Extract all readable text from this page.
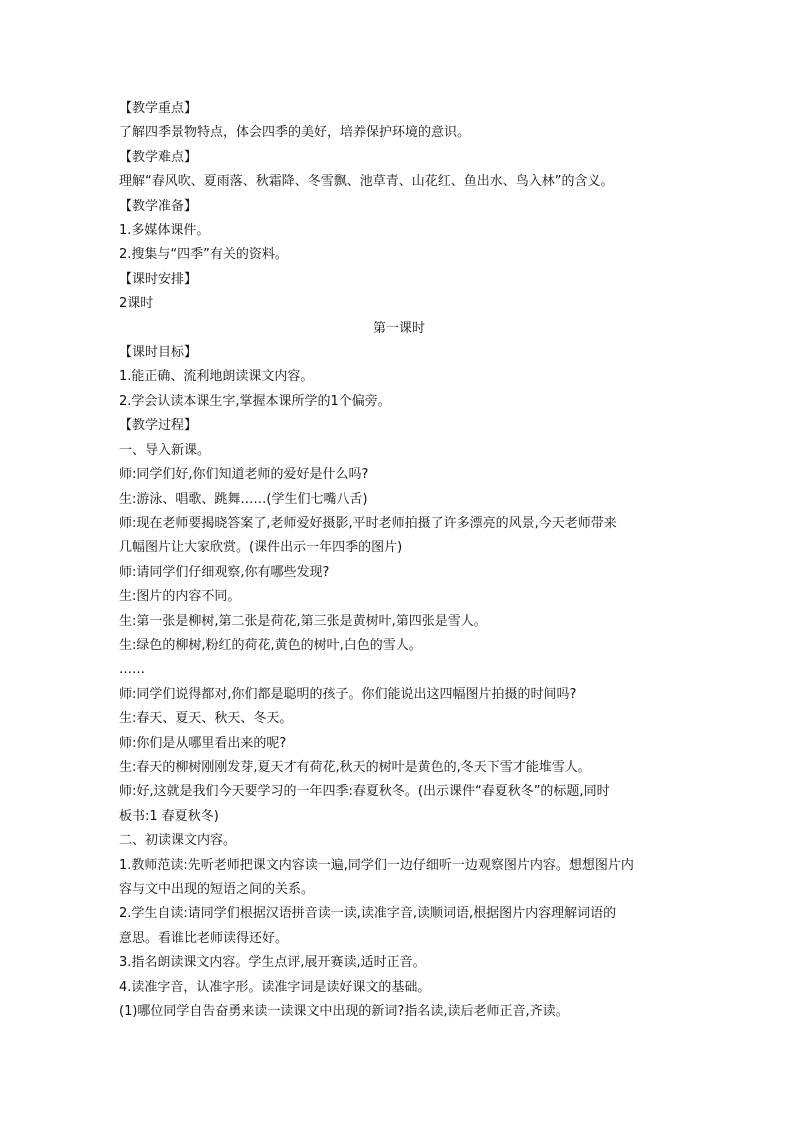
【教学重点】

了解四季景物特点，体会四季的美好，培养保护环境的意识。

【教学难点】

理解“春风吹、夏雨落、秋霜降、冬雪飘、池草青、山花红、鱼出水、鸟入林”的含义。

【教学准备】

1.多媒体课件。

2.搜集与“四季”有关的资料。

【课时安排】

2课时

第一课时

【课时目标】

1.能正确、流利地朗读课文内容。

2.学会认读本课生字,掌握本课所学的1个偏旁。

【教学过程】

一、导入新课。

师:同学们好,你们知道老师的爱好是什么吗?

生:游泳、唱歌、跳舞……(学生们七嘴八舌)

师:现在老师要揭晓答案了,老师爱好摄影,平时老师拍摄了许多漂亮的风景,今天老师带来

几幅图片让大家欣赏。(课件出示一年四季的图片)

师:请同学们仔细观察,你有哪些发现?

生:图片的内容不同。

生:第一张是柳树,第二张是荷花,第三张是黄树叶,第四张是雪人。

生:绿色的柳树,粉红的荷花,黄色的树叶,白色的雪人。

……

师:同学们说得都对,你们都是聪明的孩子。你们能说出这四幅图片拍摄的时间吗?

生:春天、夏天、秋天、冬天。

师:你们是从哪里看出来的呢?

生:春天的柳树刚刚发芽,夏天才有荷花,秋天的树叶是黄色的,冬天下雪才能堆雪人。

师:好,这就是我们今天要学习的一年四季:春夏秋冬。(出示课件“春夏秋冬”的标题,同时

板书:1 春夏秋冬)

二、初读课文内容。

1.教师范读:先听老师把课文内容读一遍,同学们一边仔细听一边观察图片内容。想想图片内

容与文中出现的短语之间的关系。

2.学生自读:请同学们根据汉语拼音读一读,读准字音,读顺词语,根据图片内容理解词语的

意思。看谁比老师读得还好。

3.指名朗读课文内容。学生点评,展开赛读,适时正音。

4.读准字音，认准字形。读准字词是读好课文的基础。

(1)哪位同学自告奋勇来读一读课文中出现的新词?指名读,读后老师正音,齐读。
